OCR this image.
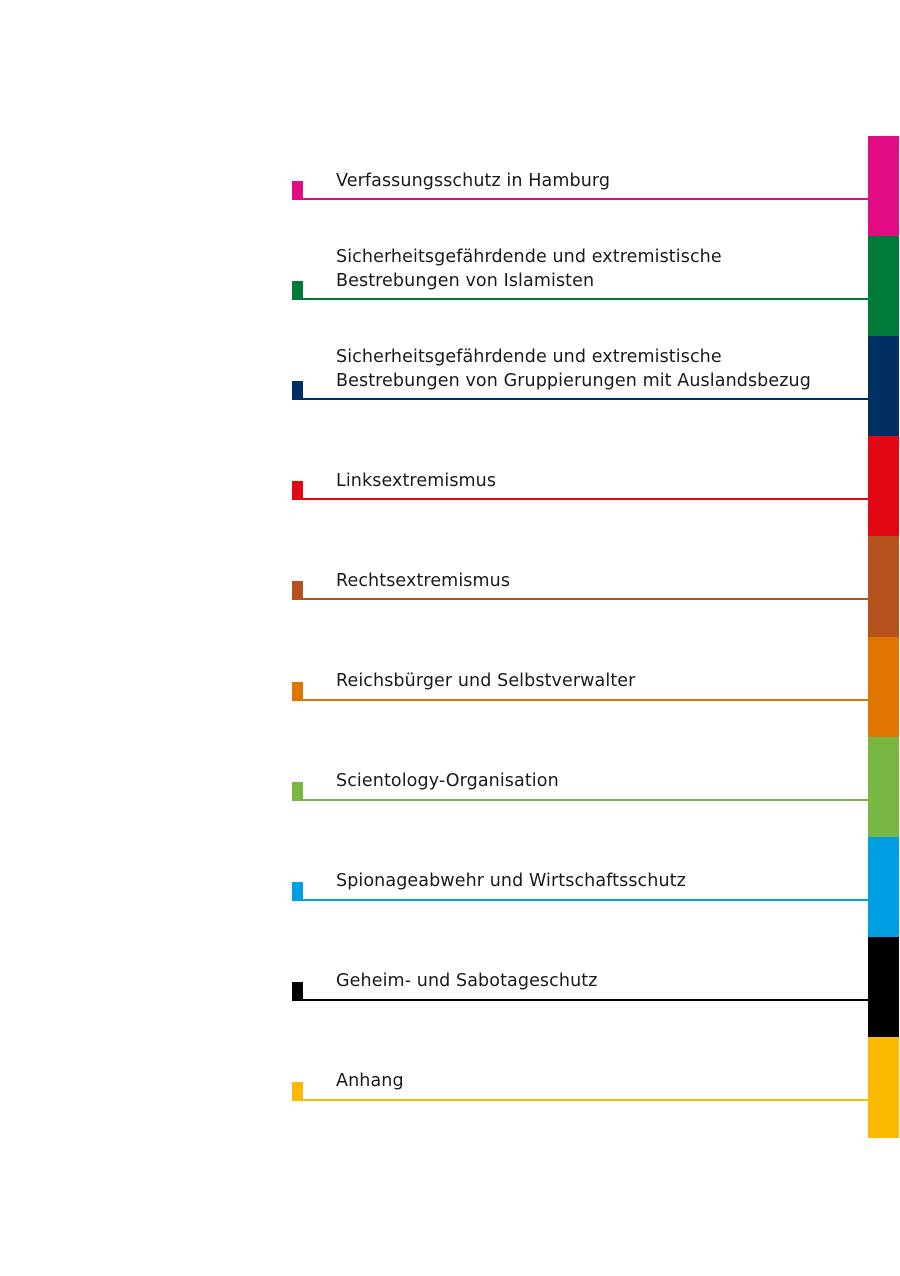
Verfassungsschutz in Hamburg
Sicherheitsgefährdende und extremistische
Bestrebungen von Islamisten
Sicherheitsgefährdende und extremistische
Bestrebungen von Gruppierungen mit Auslandsbezug
Linksextremismus
Rechtsextremismus
Reichsbürger und Selbstverwalter
Scientology-Organisation
Spionageabwehr und Wirtschaftsschutz
Geheim- und Sabotageschutz
Anhang
